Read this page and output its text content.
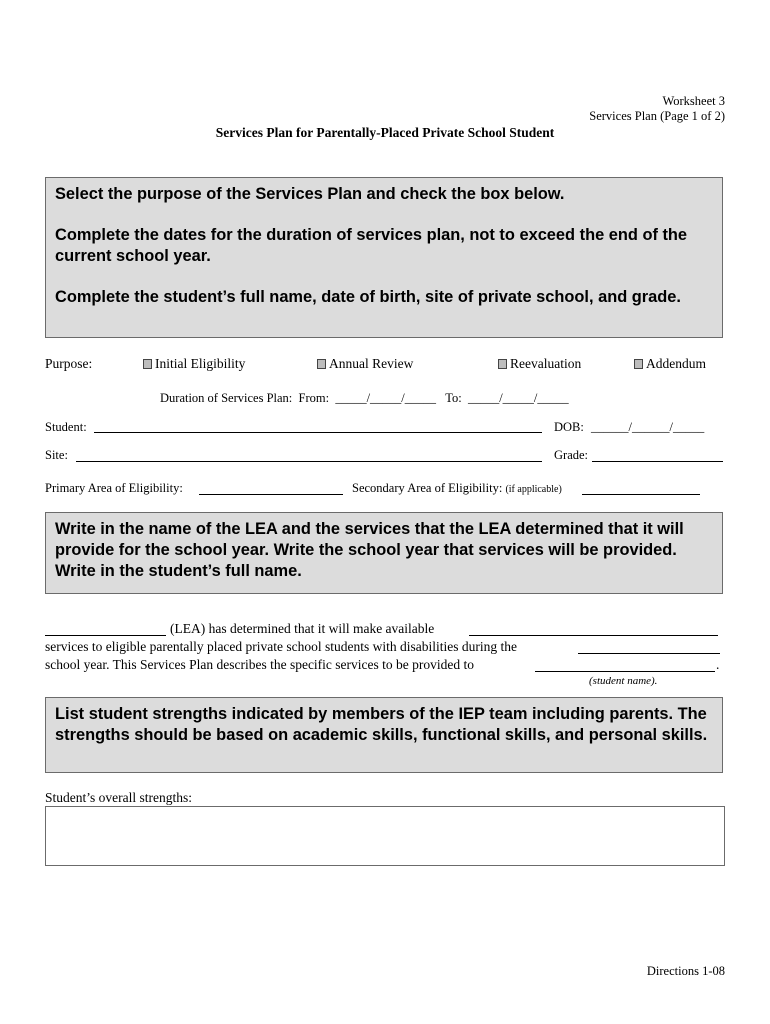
Worksheet 3
Services Plan (Page 1 of 2)
Services Plan for Parentally-Placed Private School Student

Select the purpose of the Services Plan and check the box below.

Complete the dates for the duration of services plan, not to exceed the end of the current school year.

Complete the student’s full name, date of birth, site of private school, and grade.

Purpose:	Initial Eligibility	Annual Review	Reevaluation	Addendum
Duration of Services Plan: From: _____/_____/_____ To: _____/_____/_____
Student:	DOB: ______/______/_____
Site:	Grade:
Primary Area of Eligibility:	Secondary Area of Eligibility: (if applicable)

Write in the name of the LEA and the services that the LEA determined that it will provide for the school year. Write the school year that services will be provided. Write in the student’s full name.

(LEA) has determined that it will make available
services to eligible parentally placed private school students with disabilities during the
school year. This Services Plan describes the specific services to be provided to	.
(student name).

List student strengths indicated by members of the IEP team including parents. The strengths should be based on academic skills, functional skills, and personal skills.

Student’s overall strengths:
Directions 1-08
